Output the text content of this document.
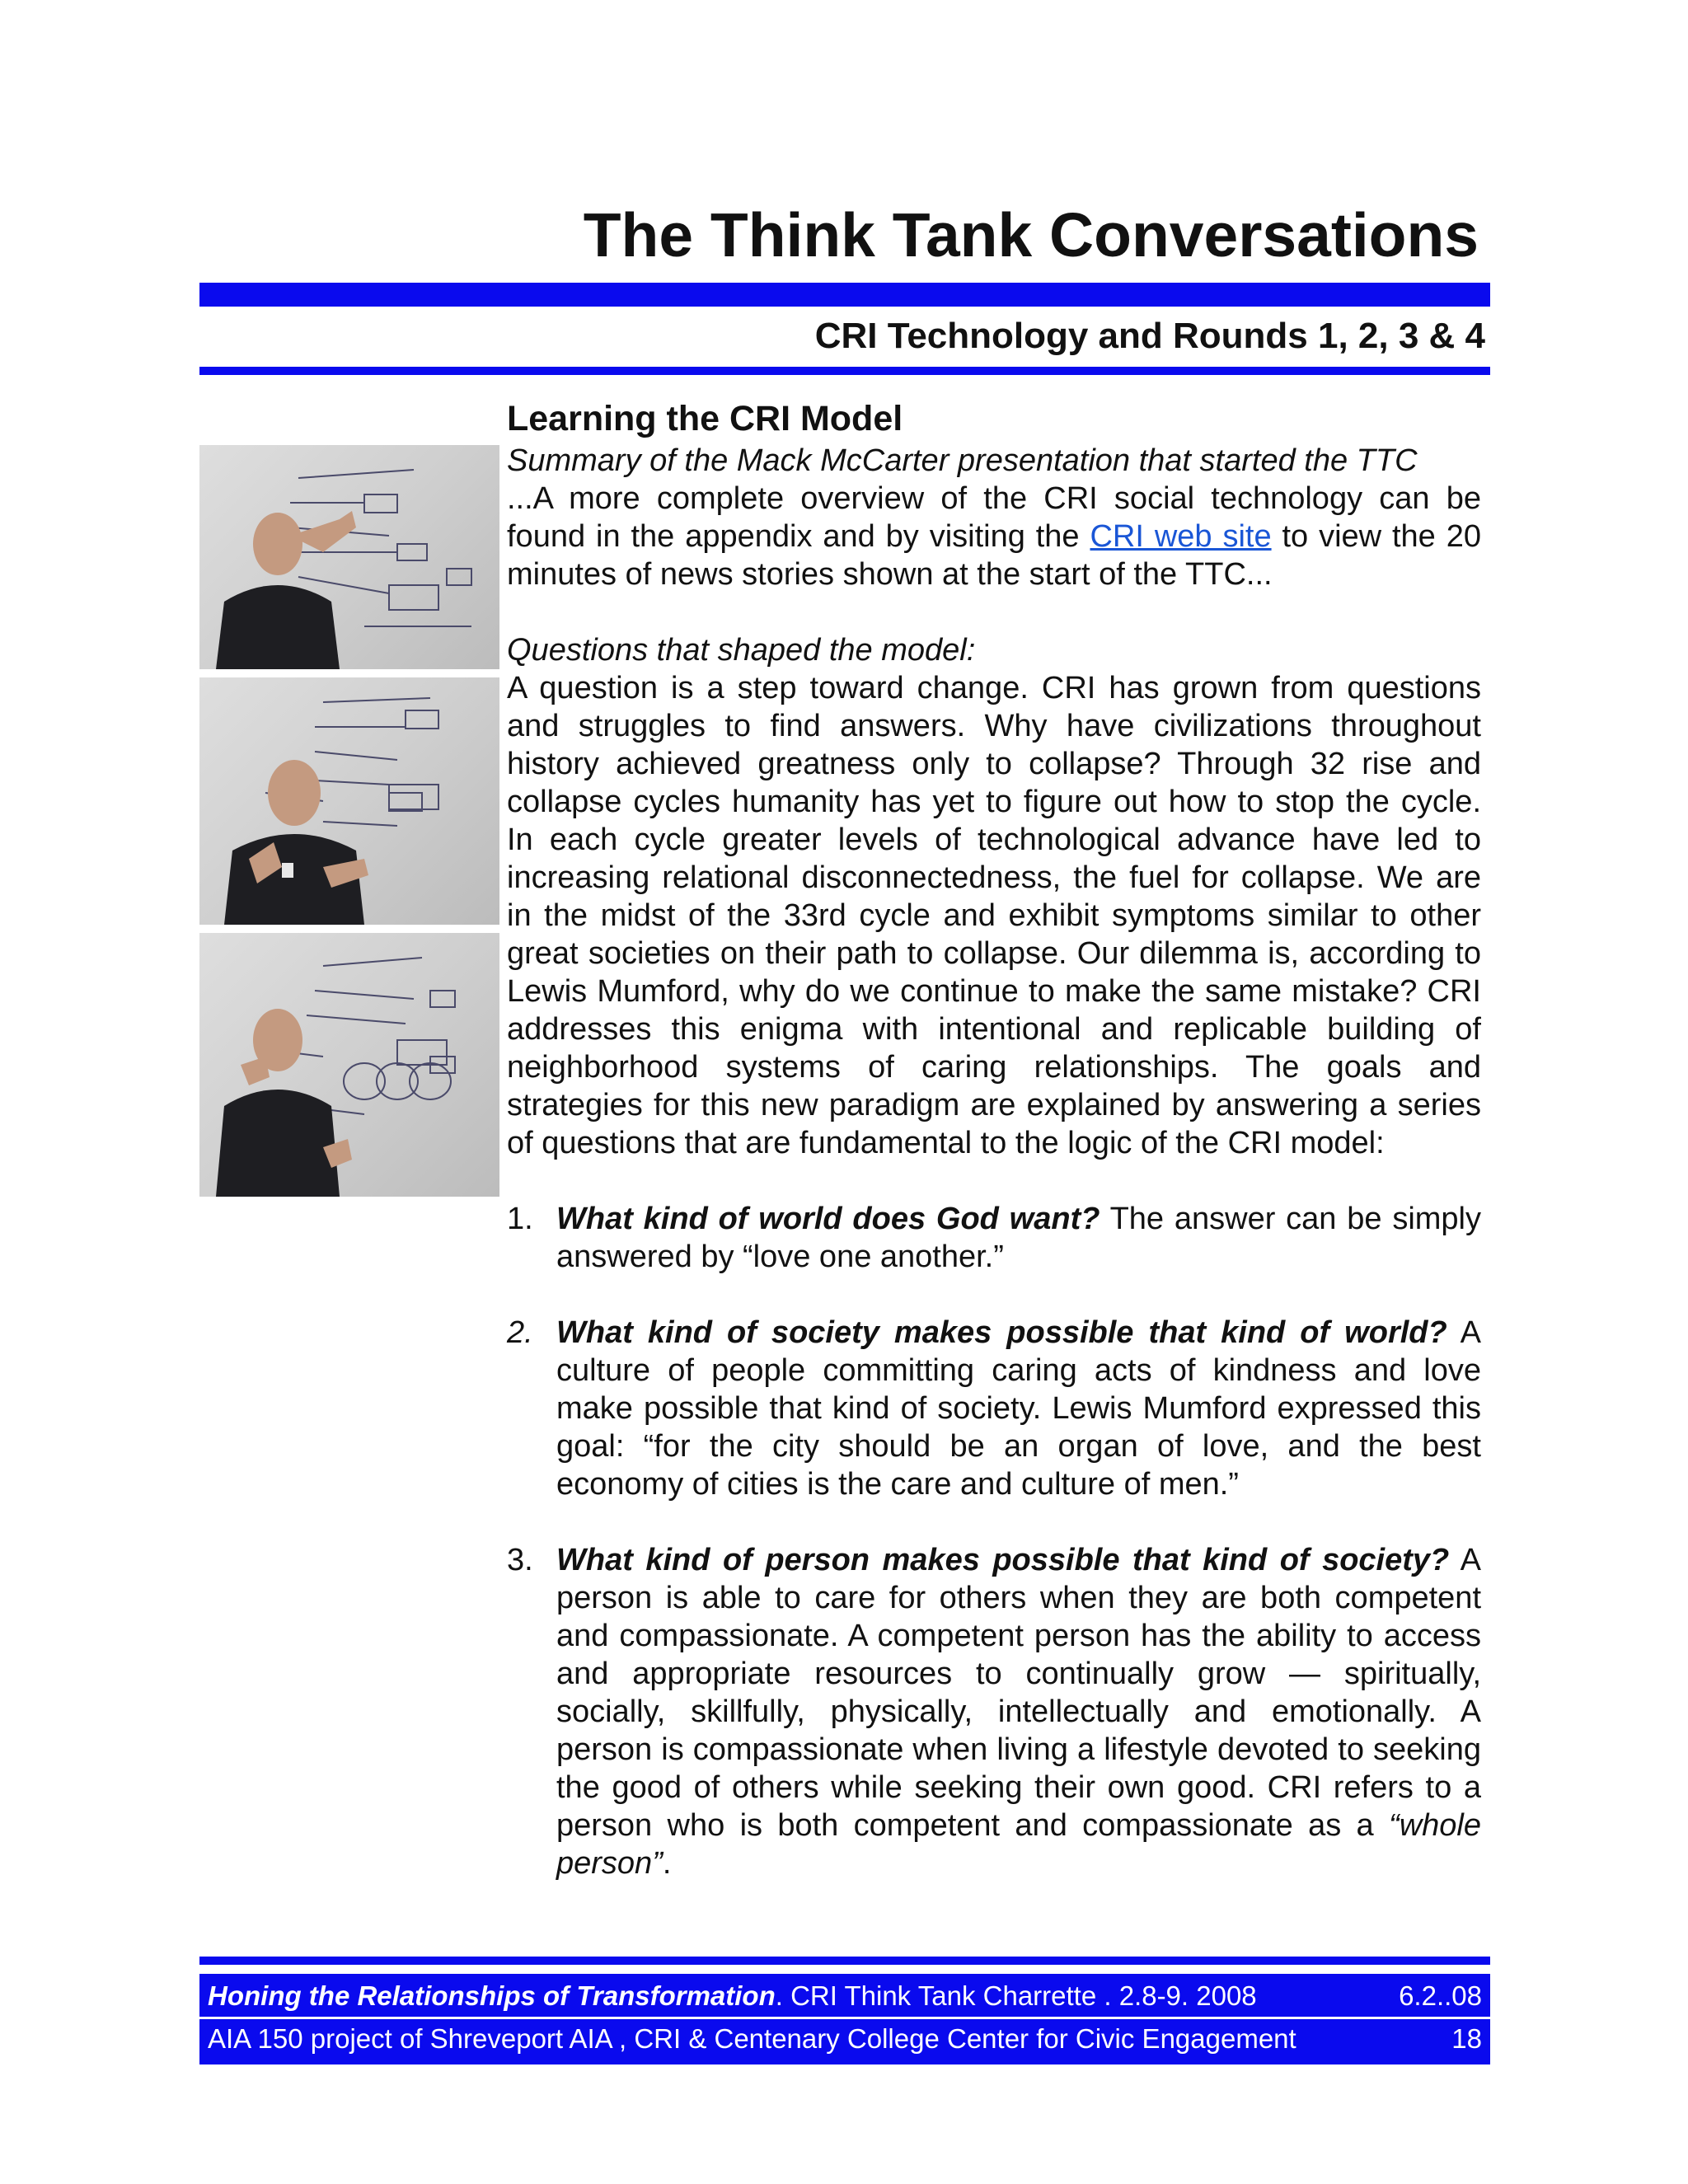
The Think Tank Conversations
CRI Technology and Rounds 1, 2, 3 & 4
Learning the CRI Model
Summary of the Mack McCarter presentation that started the TTC

...A more complete overview of the CRI social technology can be found in the appendix and by visiting the CRI web site to view the 20 minutes of news stories shown at the start of the TTC...

Questions that shaped the model:

A question is a step toward change. CRI has grown from questions and struggles to find answers. Why have civilizations throughout history achieved greatness only to collapse? Through 32 rise and collapse cycles humanity has yet to figure out how to stop the cycle. In each cycle greater levels of technological advance have led to increasing relational disconnectedness, the fuel for collapse. We are in the midst of the 33rd cycle and exhibit symptoms similar to other great societies on their path to collapse. Our dilemma is, according to Lewis Mumford, why do we continue to make the same mistake? CRI addresses this enigma with intentional and replicable building of neighborhood systems of caring relationships. The goals and strategies for this new paradigm are explained by answering a series of questions that are fundamental to the logic of the CRI model:

1. What kind of world does God want? The answer can be simply answered by “love one another.”
2. What kind of society makes possible that kind of world? A culture of people committing caring acts of kindness and love make possible that kind of society. Lewis Mumford expressed this goal: “for the city should be an organ of love, and the best economy of cities is the care and culture of men.”
3. What kind of person makes possible that kind of society? A person is able to care for others when they are both competent and compassionate. A competent person has the ability to access and appropriate resources to continually grow — spiritually, socially, skillfully, physically, intellectually and emotionally. A person is compassionate when living a lifestyle devoted to seeking the good of others while seeking their own good. CRI refers to a person who is both competent and compassionate as a “whole person”.
Honing the Relationships of Transformation. CRI Think Tank Charrette . 2.8-9. 2008	6.2..08
AIA 150 project of Shreveport AIA , CRI & Centenary College Center for Civic Engagement	18
